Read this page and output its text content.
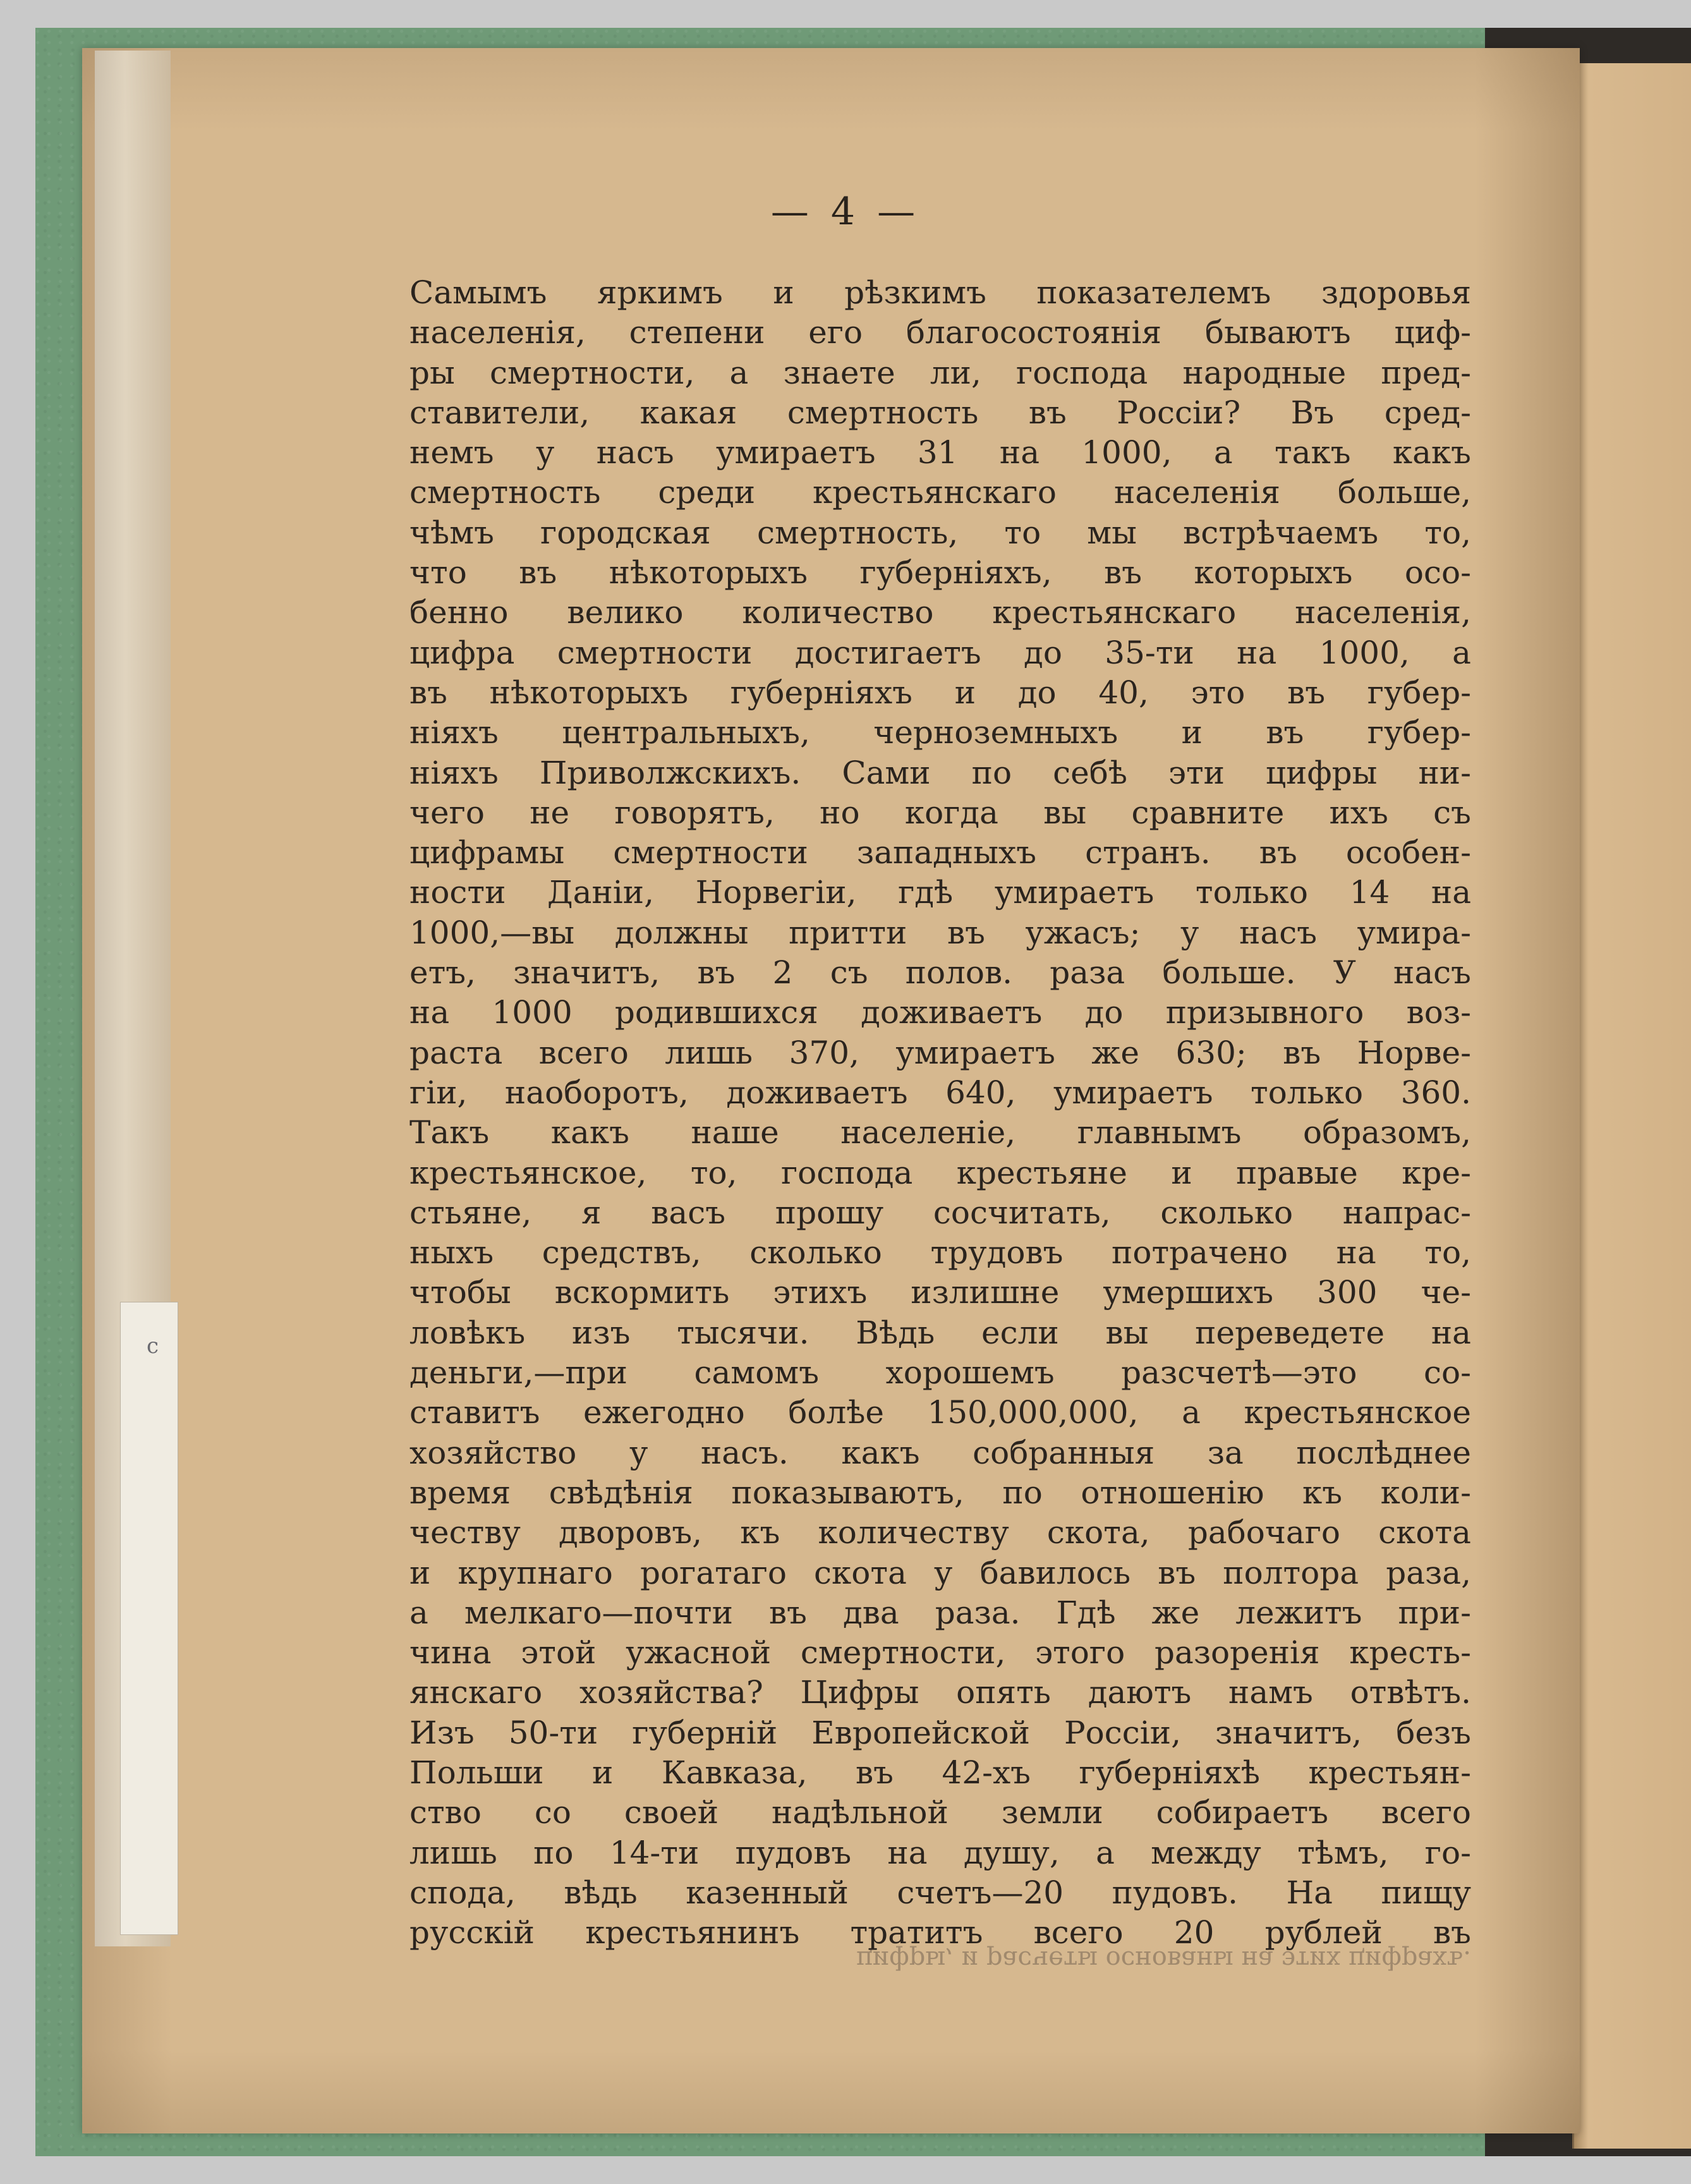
с
— 4 —
Самымъ яркимъ и рѣзкимъ показателемъ здоровья
населенія, степени его благосостоянія бываютъ циф-
ры смертности, а знаете ли, господа народные пред-
ставители, какая смертность въ Россіи? Въ сред-
немъ у насъ умираетъ 31 на 1000, а такъ какъ
смертность среди крестьянскаго населенія больше,
чѣмъ городская смертность, то мы встрѣчаемъ то,
что въ нѣкоторыхъ губерніяхъ, въ которыхъ осо-
бенно велико количество крестьянскаго населенія,
цифра смертности достигаетъ до 35-ти на 1000, а
въ нѣкоторыхъ губерніяхъ и до 40, это въ губер-
ніяхъ центральныхъ, черноземныхъ и въ губер-
ніяхъ Приволжскихъ. Сами по себѣ эти цифры ни-
чего не говорятъ, но когда вы сравните ихъ съ
цифрамы смертности западныхъ странъ. въ особен-
ности Даніи, Норвегіи, гдѣ умираетъ только 14 на
1000,—вы должны притти въ ужасъ; у насъ умира-
етъ, значитъ, въ 2 съ полов. раза больше. У насъ
на 1000 родившихся доживаетъ до призывного воз-
раста всего лишь 370, умираетъ же 630; въ Норве-
гіи, наоборотъ, доживаетъ 640, умираетъ только 360.
Такъ какъ наше населеніе, главнымъ образомъ,
крестьянское, то, господа крестьяне и правые кре-
стьяне, я васъ прошу сосчитать, сколько напрас-
ныхъ средствъ, сколько трудовъ потрачено на то,
чтобы вскормить этихъ излишне умершихъ 300 че-
ловѣкъ изъ тысячи. Вѣдь если вы переведете на
деньги,—при самомъ хорошемъ разсчетѣ—это со-
ставитъ ежегодно болѣе 150,000,000, а крестьянское
хозяйство у насъ. какъ собранныя за послѣднее
время свѣдѣнія показываютъ, по отношенію къ коли-
честву дворовъ, къ количеству скота, рабочаго скота
и крупнаго рогатаго скота у бавилось въ полтора раза,
а мелкаго—почти въ два раза. Гдѣ же лежитъ при-
чина этой ужасной смертности, этого разоренія кресть-
янскаго хозяйства? Цифры опять даютъ намъ отвѣтъ.
Изъ 50-ти губерній Европейской Россіи, значитъ, безъ
Польши и Кавказа, въ 42-хъ губерніяхѣ крестьян-
ство со своей надѣльной земли собираетъ всего
лишь по 14-ти пудовъ на душу, а между тѣмъ, го-
спода, вѣдь казенный счетъ—20 пудовъ. На пищу
русскій крестьянинъ тратитъ всего 20 рублей въ
цифры, и расчеты основаны на этих цифрахъ.
